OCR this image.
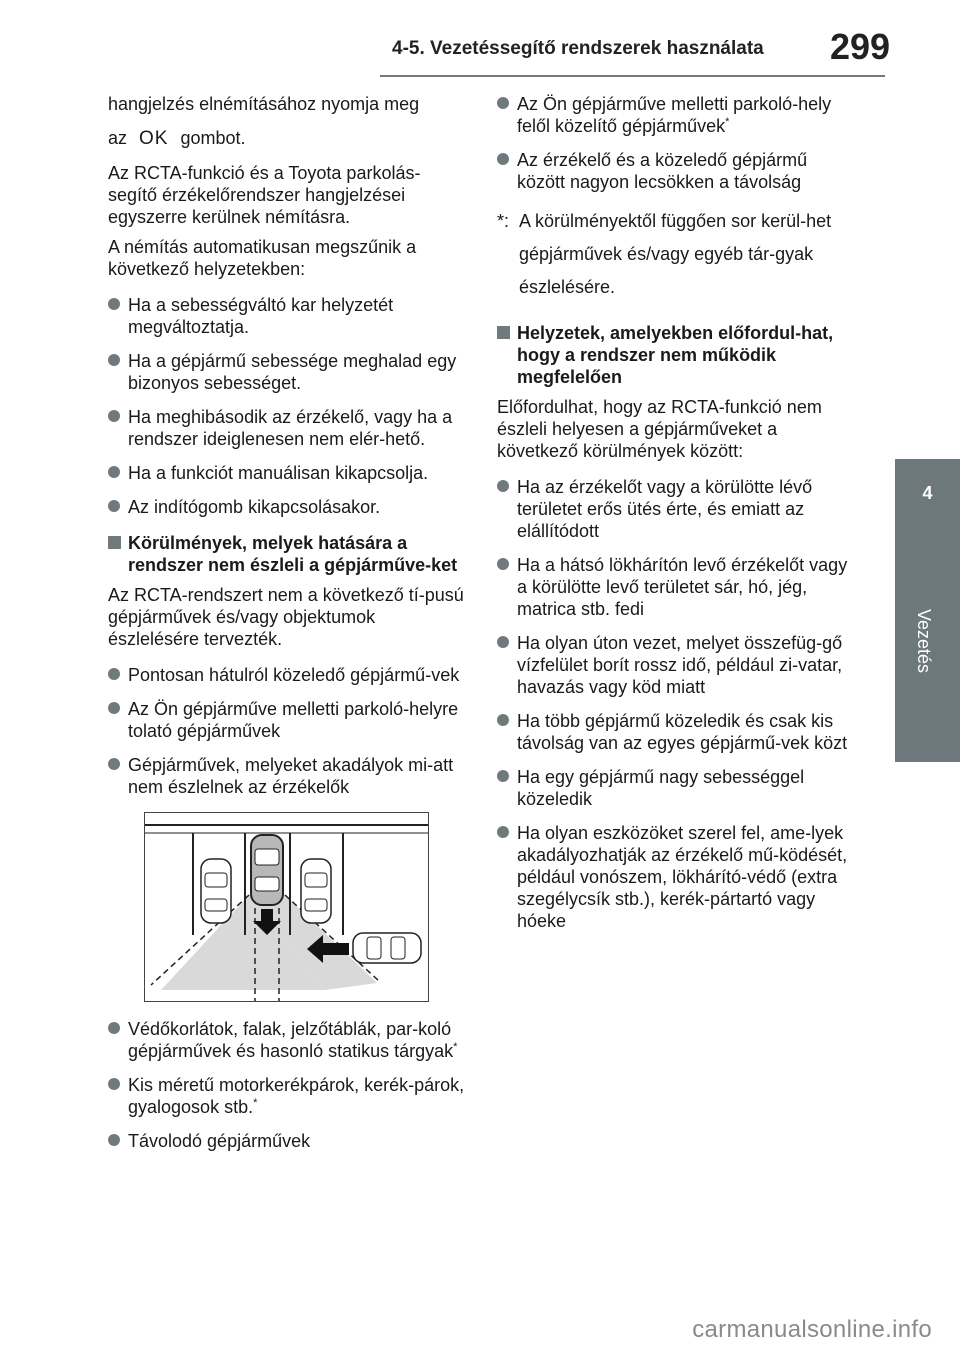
4-5. Vezetéssegítő rendszerek használata 299
4
Vezetés

hangjelzés elnémításához nyomja meg

az OK gombot.

Az RCTA-funkció és a Toyota parkolás-segítő érzékelőrendszer hangjelzései egyszerre kerülnek némításra.

A némítás automatikusan megszűnik a következő helyzetekben:

Ha a sebességváltó kar helyzetét megváltoztatja.
Ha a gépjármű sebessége meghalad egy bizonyos sebességet.
Ha meghibásodik az érzékelő, vagy ha a rendszer ideiglenesen nem elér-hető.
Ha a funkciót manuálisan kikapcsolja.
Az indítógomb kikapcsolásakor.
Körülmények, melyek hatására a rendszer nem észleli a gépjárműve-ket

Az RCTA-rendszert nem a következő tí-pusú gépjárművek és/vagy objektumok észlelésére tervezték.

Pontosan hátulról közeledő gépjármű-vek
Az Ön gépjárműve melletti parkoló-helyre tolató gépjárművek
Gépjárművek, melyeket akadályok mi-att nem észlelnek az érzékelők
Védőkorlátok, falak, jelzőtáblák, par-koló gépjárművek és hasonló statikus tárgyak*
Kis méretű motorkerékpárok, kerék-párok, gyalogosok stb.*
Távolodó gépjárművek
Az Ön gépjárműve melletti parkoló-hely felől közelítő gépjárművek*
Az érzékelő és a közeledő gépjármű között nagyon lecsökken a távolság
*: A körülményektől függően sor kerül-het gépjárművek és/vagy egyéb tár-gyak észlelésére.
Helyzetek, amelyekben előfordul-hat, hogy a rendszer nem működik megfelelően

Előfordulhat, hogy az RCTA-funkció nem észleli helyesen a gépjárműveket a következő körülmények között:

Ha az érzékelőt vagy a körülötte lévő területet erős ütés érte, és emiatt az elállítódott
Ha a hátsó lökhárítón levő érzékelőt vagy a körülötte levő területet sár, hó, jég, matrica stb. fedi
Ha olyan úton vezet, melyet összefüg-gő vízfelület borít rossz idő, például zi-vatar, havazás vagy köd miatt
Ha több gépjármű közeledik és csak kis távolság van az egyes gépjármű-vek közt
Ha egy gépjármű nagy sebességgel közeledik
Ha olyan eszközöket szerel fel, ame-lyek akadályozhatják az érzékelő mű-ködését, például vonószem, lökhárító-védő (extra szegélycsík stb.), kerék-pártartó vagy hóeke
carmanualsonline.info
